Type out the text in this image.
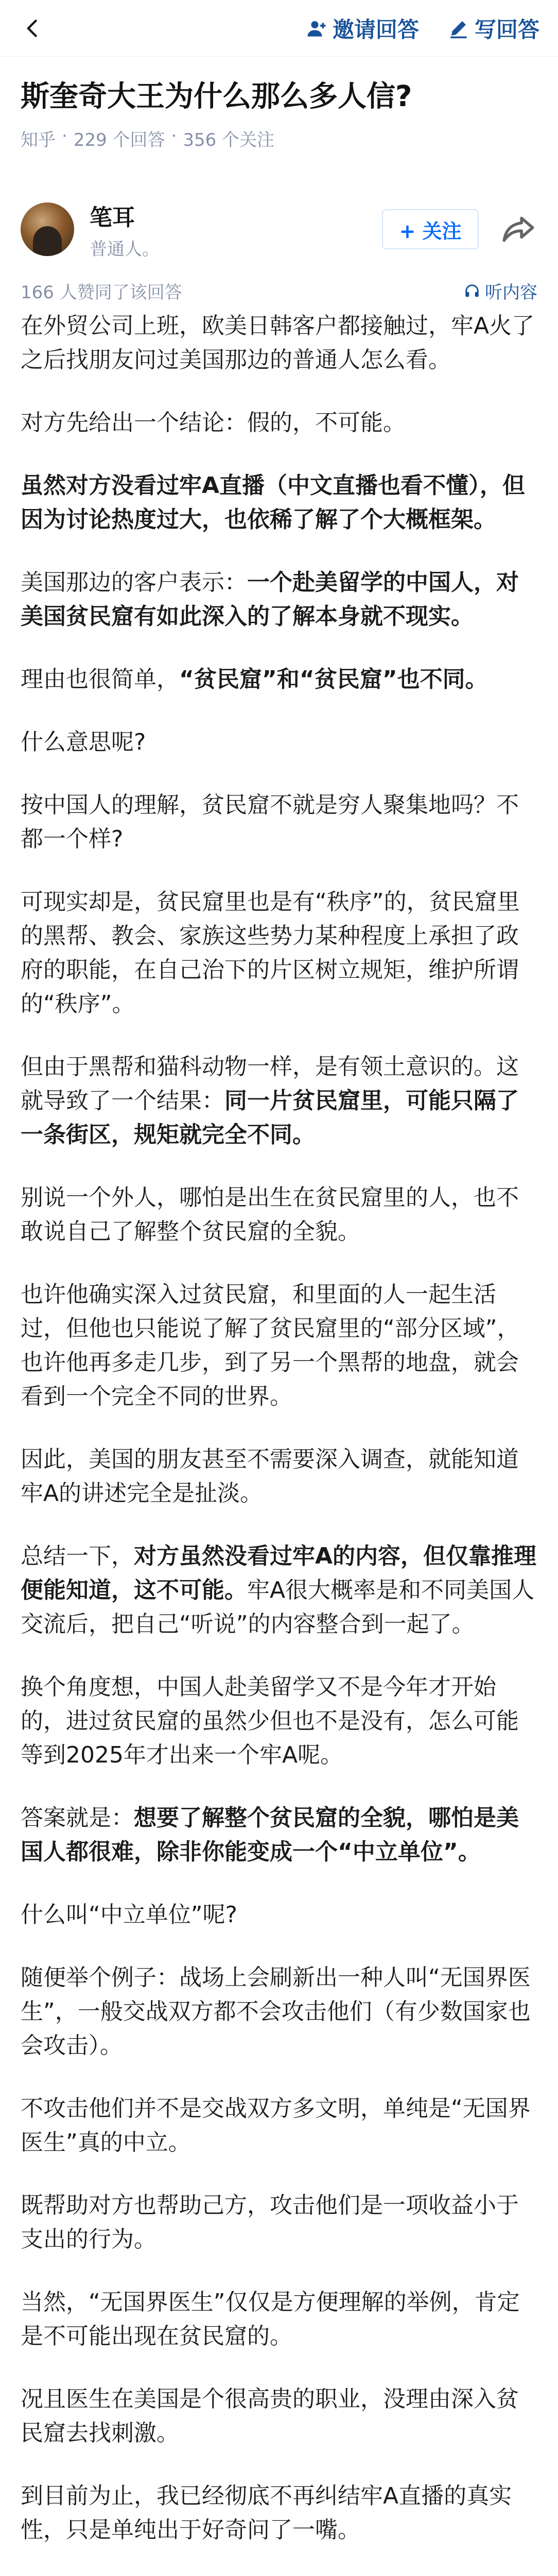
邀请回答	写回答
斯奎奇大王为什么那么多人信?
知乎 · 229 个回答 · 356 个关注
笔耳
普通人。
+ 关注
166 人赞同了该回答	听内容

在外贸公司上班，欧美日韩客户都接触过，牢A火了之后找朋友问过美国那边的普通人怎么看。

对方先给出一个结论：假的，不可能。

虽然对方没看过牢A直播（中文直播也看不懂），但因为讨论热度过大，也依稀了解了个大概框架。

美国那边的客户表示：一个赴美留学的中国人，对美国贫民窟有如此深入的了解本身就不现实。

理由也很简单，“贫民窟”和“贫民窟”也不同。

什么意思呢?

按中国人的理解，贫民窟不就是穷人聚集地吗？不都一个样?

可现实却是，贫民窟里也是有“秩序”的，贫民窟里的黑帮、教会、家族这些势力某种程度上承担了政府的职能，在自己治下的片区树立规矩，维护所谓的“秩序”。

但由于黑帮和猫科动物一样，是有领土意识的。这就导致了一个结果：同一片贫民窟里，可能只隔了一条街区，规矩就完全不同。

别说一个外人，哪怕是出生在贫民窟里的人，也不敢说自己了解整个贫民窟的全貌。

也许他确实深入过贫民窟，和里面的人一起生活过，但他也只能说了解了贫民窟里的“部分区域”，也许他再多走几步，到了另一个黑帮的地盘，就会看到一个完全不同的世界。

因此，美国的朋友甚至不需要深入调查，就能知道牢A的讲述完全是扯淡。

总结一下，对方虽然没看过牢A的内容，但仅靠推理便能知道，这不可能。牢A很大概率是和不同美国人交流后，把自己“听说”的内容整合到一起了。

换个角度想，中国人赴美留学又不是今年才开始的，进过贫民窟的虽然少但也不是没有，怎么可能等到2025年才出来一个牢A呢。

答案就是：想要了解整个贫民窟的全貌，哪怕是美国人都很难，除非你能变成一个“中立单位”。

什么叫“中立单位”呢?

随便举个例子：战场上会刷新出一种人叫“无国界医生”，一般交战双方都不会攻击他们（有少数国家也会攻击）。

不攻击他们并不是交战双方多文明，单纯是“无国界医生”真的中立。

既帮助对方也帮助己方，攻击他们是一项收益小于支出的行为。

当然，“无国界医生”仅仅是方便理解的举例，肯定是不可能出现在贫民窟的。

况且医生在美国是个很高贵的职业，没理由深入贫民窟去找刺激。

到目前为止，我已经彻底不再纠结牢A直播的真实性，只是单纯出于好奇问了一嘴。
